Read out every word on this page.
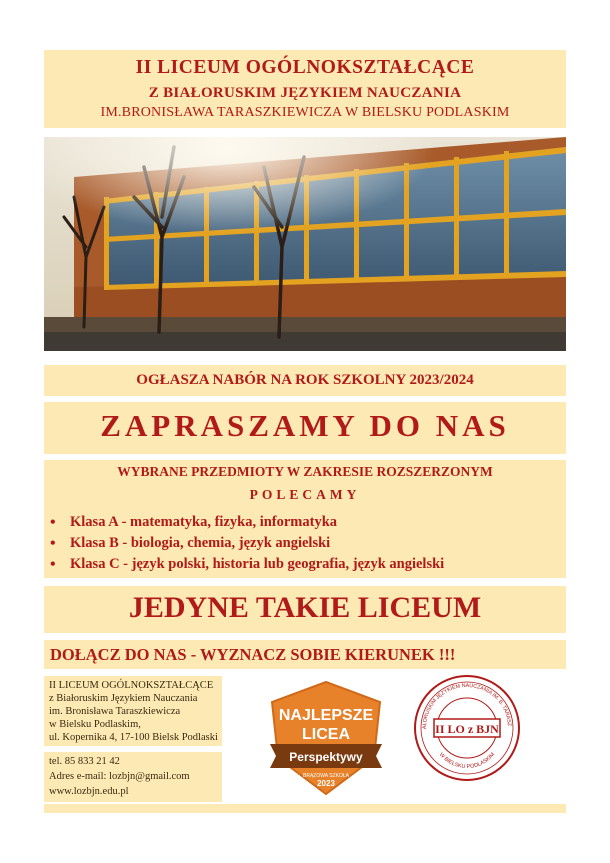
II LICEUM OGÓLNOKSZTAŁCĄCE
Z BIAŁORUSKIM JĘZYKIEM NAUCZANIA
IM.BRONISŁAWA TARASZKIEWICZA W BIELSKU PODLASKIM
OGŁASZA NABÓR NA ROK SZKOLNY 2023/2024
ZAPRASZAMY DO NAS
WYBRANE PRZEDMIOTY W ZAKRESIE ROZSZERZONYM
POLECAMY
• Klasa A - matematyka, fizyka, informatyka
• Klasa B - biologia, chemia, język angielski
• Klasa C - język polski, historia lub geografia, język angielski
JEDYNE TAKIE LICEUM
DOŁĄCZ DO NAS - WYZNACZ SOBIE KIERUNEK !!!
II LICEUM OGÓLNOKSZTAŁCĄCE
z Białoruskim Językiem Nauczania
im. Bronisława Taraszkiewicza
w Bielsku Podlaskim,
ul. Kopernika 4, 17-100 Bielsk Podlaski
tel. 85 833 21 42
Adres e-mail: lozbjn@gmail.com
www.lozbjn.edu.pl
NAJLEPSZE
LICEA
Perspektywy
BRĄZOWA SZKOŁA
2023
AŁORUSKIM JĘZYKIEM NAUCZANIA IM. B. TARASZ
W BIELSKU PODLASKIM
II LO z BJN
